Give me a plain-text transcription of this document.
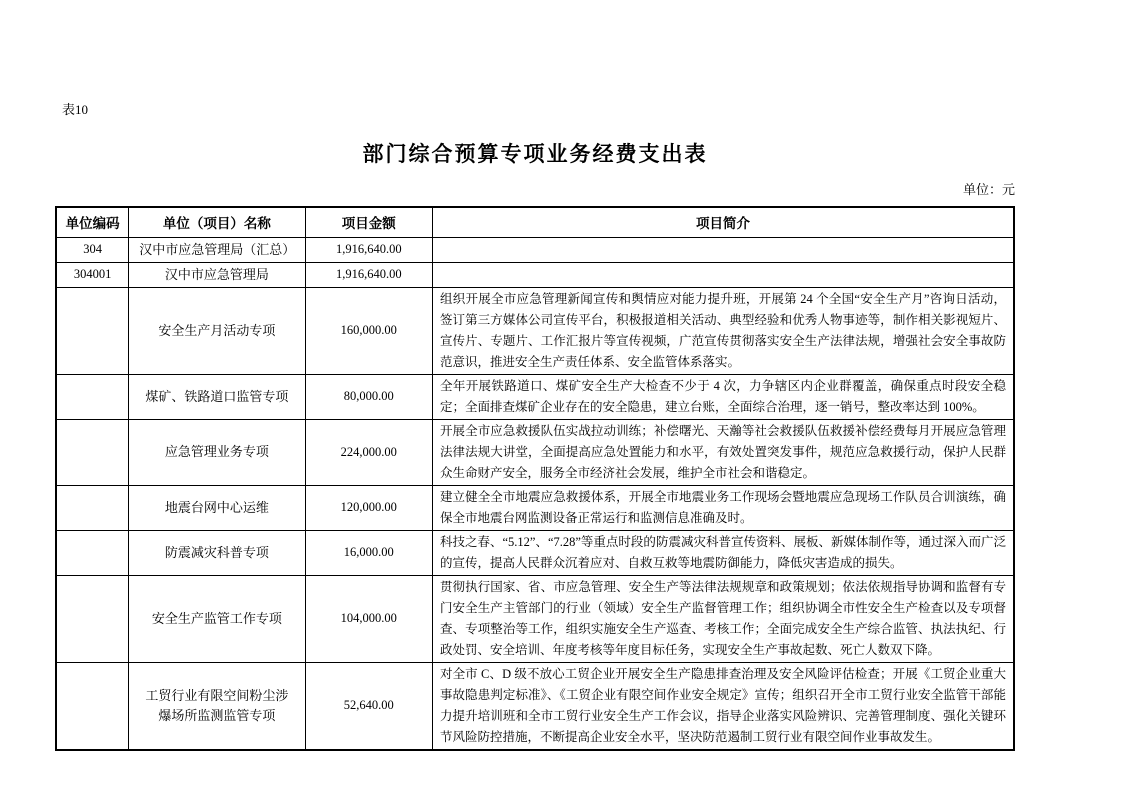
表10
部门综合预算专项业务经费支出表
单位：元
单位编码	单位（项目）名称	项目金额	项目简介
304	汉中市应急管理局（汇总）	1,916,640.00	
304001	汉中市应急管理局	1,916,640.00	
	安全生产月活动专项	160,000.00	组织开展全市应急管理新闻宣传和舆情应对能力提升班，开展第 24 个全国“安全生产月”咨询日活动，签订第三方媒体公司宣传平台，积极报道相关活动、典型经验和优秀人物事迹等，制作相关影视短片、宣传片、专题片、工作汇报片等宣传视频，广范宣传贯彻落实安全生产法律法规，增强社会安全事故防范意识，推进安全生产责任体系、安全监管体系落实。
	煤矿、铁路道口监管专项	80,000.00	全年开展铁路道口、煤矿安全生产大检查不少于 4 次，力争辖区内企业群覆盖，确保重点时段安全稳定；全面排查煤矿企业存在的安全隐患，建立台账，全面综合治理，逐一销号，整改率达到 100%。
	应急管理业务专项	224,000.00	开展全市应急救援队伍实战拉动训练；补偿曙光、天瀚等社会救援队伍救援补偿经费每月开展应急管理法律法规大讲堂，全面提高应急处置能力和水平，有效处置突发事件，规范应急救援行动，保护人民群众生命财产安全，服务全市经济社会发展，维护全市社会和谐稳定。
	地震台网中心运维	120,000.00	建立健全全市地震应急救援体系，开展全市地震业务工作现场会暨地震应急现场工作队员合训演练，确保全市地震台网监测设备正常运行和监测信息准确及时。
	防震减灾科普专项	16,000.00	科技之春、“5.12”、“7.28”等重点时段的防震减灾科普宣传资料、展板、新媒体制作等，通过深入而广泛的宣传，提高人民群众沉着应对、自救互救等地震防御能力，降低灾害造成的损失。
	安全生产监管工作专项	104,000.00	贯彻执行国家、省、市应急管理、安全生产等法律法规规章和政策规划；依法依规指导协调和监督有专门安全生产主管部门的行业（领域）安全生产监督管理工作；组织协调全市性安全生产检查以及专项督查、专项整治等工作，组织实施安全生产巡查、考核工作；全面完成安全生产综合监管、执法执纪、行政处罚、安全培训、年度考核等年度目标任务，实现安全生产事故起数、死亡人数双下降。
	工贸行业有限空间粉尘涉爆场所监测监管专项	52,640.00	对全市 C、D 级不放心工贸企业开展安全生产隐患排查治理及安全风险评估检查；开展《工贸企业重大事故隐患判定标准》、《工贸企业有限空间作业安全规定》宣传；组织召开全市工贸行业安全监管干部能力提升培训班和全市工贸行业安全生产工作会议，指导企业落实风险辨识、完善管理制度、强化关键环节风险防控措施，不断提高企业安全水平，坚决防范遏制工贸行业有限空间作业事故发生。
